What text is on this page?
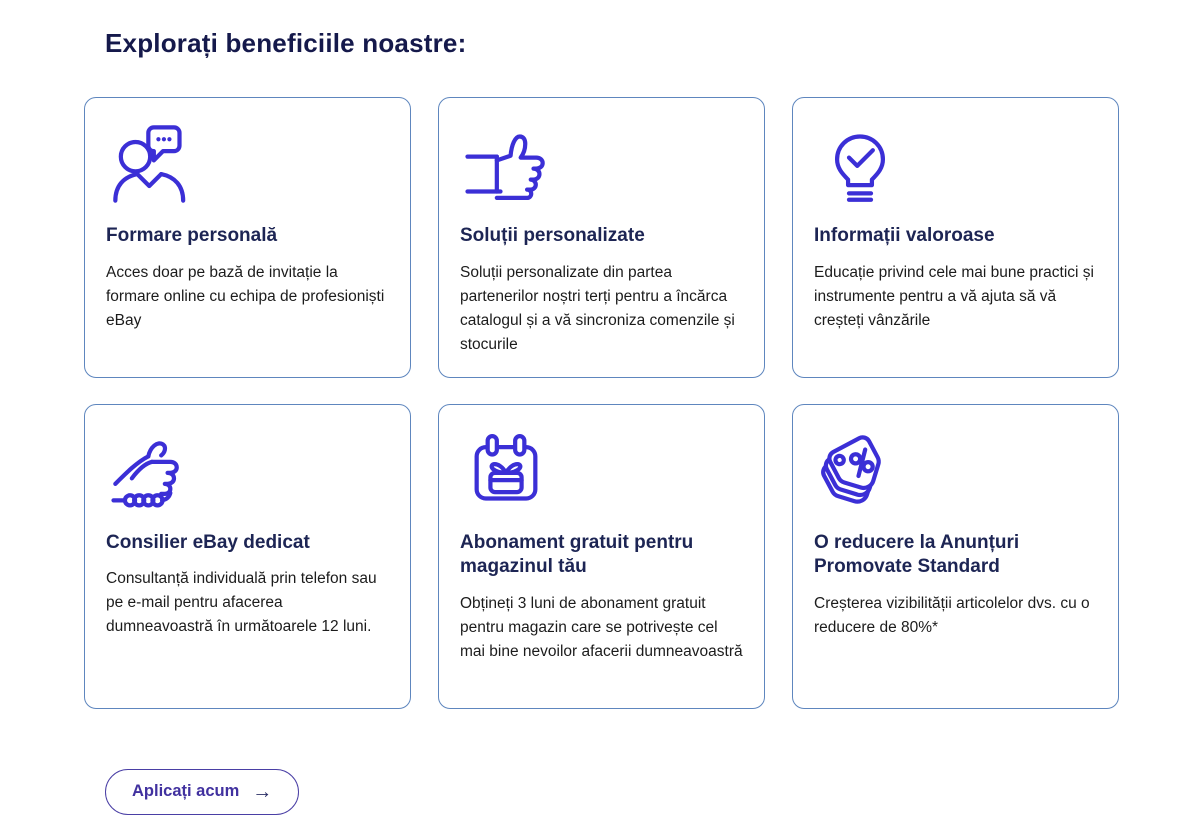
Explorați beneficiile noastre:
Formare personală

Acces doar pe bază de invitație la formare online cu echipa de profesioniști eBay

Soluții personalizate

Soluții personalizate din partea partenerilor noștri terți pentru a încărca catalogul și a vă sincroniza comenzile și stocurile

Informații valoroase

Educație privind cele mai bune practici și instrumente pentru a vă ajuta să vă creșteți vânzările

Consilier eBay dedicat

Consultanță individuală prin telefon sau pe e-mail pentru afacerea dumneavoastră în următoarele 12 luni.

Abonament gratuit pentru magazinul tău

Obțineți 3 luni de abonament gratuit pentru magazin care se potrivește cel mai bine nevoilor afacerii dumneavoastră

O reducere la Anunțuri Promovate Standard

Creșterea vizibilității articolelor dvs. cu o reducere de 80%*

Aplicați acum →
